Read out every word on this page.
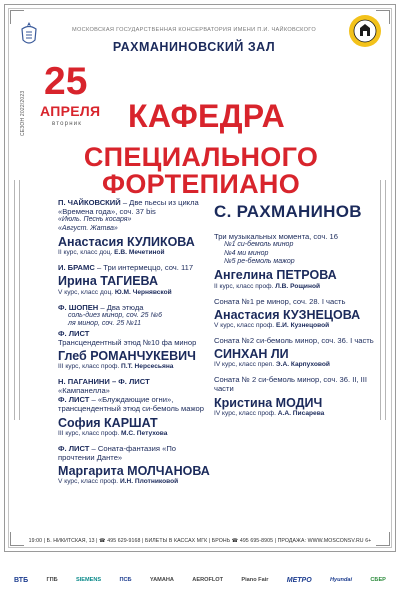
МОСКОВСКАЯ ГОСУДАРСТВЕННАЯ КОНСЕРВАТОРИЯ ИМЕНИ П.И. ЧАЙКОВСКОГО
РАХМАНИНОВСКИЙ ЗАЛ
СЕЗОН 2022/2023
25
АПРЕЛЯ
вторник КАФЕДРА
СПЕЦИАЛЬНОГО ФОРТЕПИАНО
П. ЧАЙКОВСКИЙ – Две пьесы из цикла «Времена года», соч. 37 bis
«Июль. Песнь косаря»
«Август. Жатва»
Анастасия КУЛИКОВА
II курс, класс доц. Е.В. Мечетиной
И. БРАМС – Три интермеццо, соч. 117
Ирина ТАГИЕВА
V курс, класс доц. Ю.М. Чернявской
Ф. ШОПЕН – Два этюда
соль-диез минор, соч. 25 №6
ля минор, соч. 25 №11
Ф. ЛИСТ
Трансцендентный этюд №10 фа минор
Глеб РОМАНЧУКЕВИЧ
III курс, класс проф. П.Т. Нерсесьяна
Н. ПАГАНИНИ – Ф. ЛИСТ
«Кампанелла»
Ф. ЛИСТ – «Блуждающие огни», трансцендентный этюд си-бемоль мажор
София КАРШАТ
III курс, класс проф. М.С. Петухова
Ф. ЛИСТ – Соната-фантазия «По прочтении Данте»
Маргарита МОЛЧАНОВА
V курс, класс проф. И.Н. Плотниковой
С. РАХМАНИНОВ
Три музыкальных момента, соч. 16
№1 си-бемоль минор
№4 ми минор
№5 ре-бемоль мажор
Ангелина ПЕТРОВА
II курс, класс проф. Л.В. Рощиной
Соната №1 ре минор, соч. 28. I часть
Анастасия КУЗНЕЦОВА
V курс, класс проф. Е.И. Кузнецовой
Соната №2 си-бемоль минор, соч. 36. I часть
СИНХАН ЛИ
IV курс, класс преп. Э.А. Карпуховой
Соната № 2 си-бемоль минор, соч. 36. II, III части
Кристина МОДИЧ
IV курс, класс проф. А.А. Писарева
19:00 | Б. НИКИТСКАЯ, 13 | ☎ 495 629-9168 | БИЛЕТЫ В КАССАХ МГК | БРОНЬ ☎ 495 695-8905 | ПРОДАЖА: WWW.MOSCONSV.RU 6+
ВТБ	ГПБ	SIEMENS	ПСБ	YAMAHA	AEROFLOT	Piano Fair	МЕТРО	Hyundai	СБЕР
